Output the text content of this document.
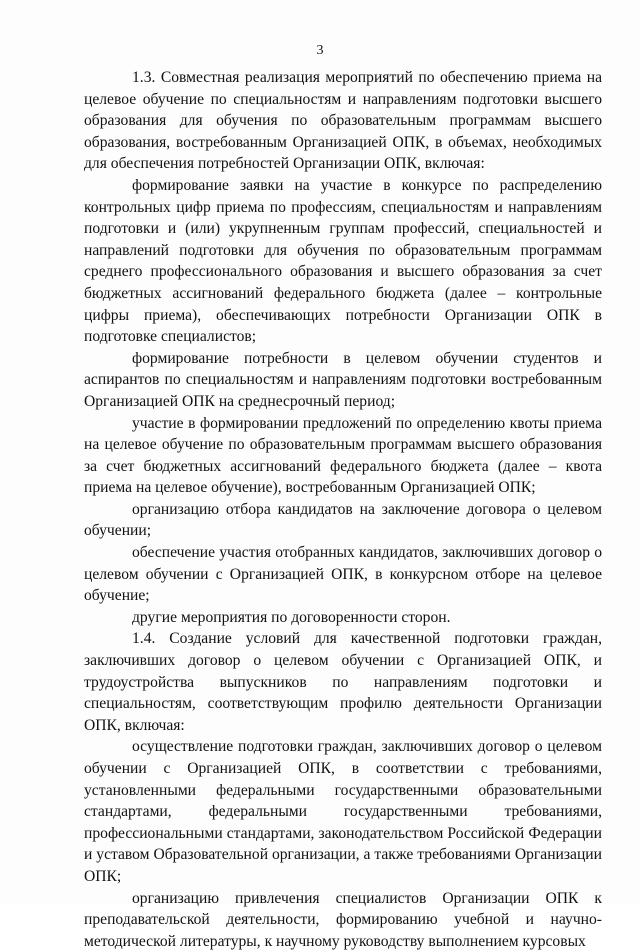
3

1.3. Совместная реализация мероприятий по обеспечению приема на целевое обучение по специальностям и направлениям подготовки высшего образования для обучения по образовательным программам высшего образования, востребованным Организацией ОПК, в объемах, необходимых для обеспечения потребностей Организации ОПК, включая:

формирование заявки на участие в конкурсе по распределению контрольных цифр приема по профессиям, специальностям и направлениям подготовки и (или) укрупненным группам профессий, специальностей и направлений подготовки для обучения по образовательным программам среднего профессионального образования и высшего образования за счет бюджетных ассигнований федерального бюджета (далее – контрольные цифры приема), обеспечивающих потребности Организации ОПК в подготовке специалистов;

формирование потребности в целевом обучении студентов и аспирантов по специальностям и направлениям подготовки востребованным Организацией ОПК на среднесрочный период;

участие в формировании предложений по определению квоты приема на целевое обучение по образовательным программам высшего образования за счет бюджетных ассигнований федерального бюджета (далее – квота приема на целевое обучение), востребованным Организацией ОПК;

организацию отбора кандидатов на заключение договора о целевом обучении;

обеспечение участия отобранных кандидатов, заключивших договор о целевом обучении с Организацией ОПК, в конкурсном отборе на целевое обучение;

другие мероприятия по договоренности сторон.

1.4. Создание условий для качественной подготовки граждан, заключивших договор о целевом обучении с Организацией ОПК, и трудоустройства выпускников по направлениям подготовки и специальностям, соответствующим профилю деятельности Организации ОПК, включая:

осуществление подготовки граждан, заключивших договор о целевом обучении с Организацией ОПК, в соответствии с требованиями, установленными федеральными государственными образовательными стандартами, федеральными государственными требованиями, профессиональными стандартами, законодательством Российской Федерации и уставом Образовательной организации, а также требованиями Организации ОПК;

организацию привлечения специалистов Организации ОПК к преподавательской деятельности, формированию учебной и научно-методической литературы, к научному руководству выполнением курсовых
